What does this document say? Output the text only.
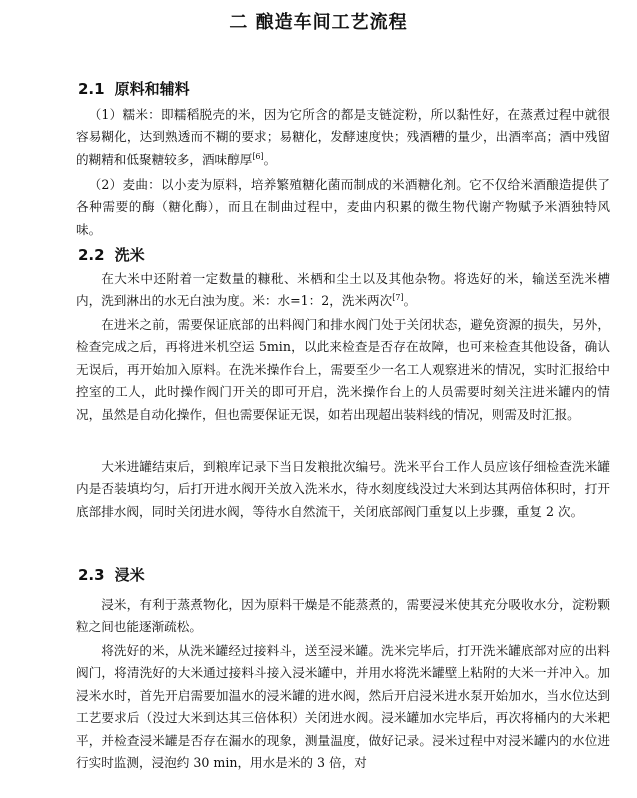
二 酿造车间工艺流程
2.1 原料和辅料

（1）糯米：即糯稻脱壳的米，因为它所含的都是支链淀粉，所以黏性好，在蒸煮过程中就很容易糊化，达到熟透而不糊的要求；易糖化，发酵速度快；残酒糟的量少，出酒率高；酒中残留的糊精和低聚糖较多，酒味醇厚[6]。

（2）麦曲：以小麦为原料，培养繁殖糖化菌而制成的米酒糖化剂。它不仅给米酒酿造提供了各种需要的酶（糖化酶），而且在制曲过程中，麦曲内积累的微生物代谢产物赋予米酒独特风味。

2.2 洗米

在大米中还附着一定数量的糠秕、米栖和尘土以及其他杂物。将选好的米，输送至洗米槽内，洗到淋出的水无白浊为度。米：水=1：2，洗米两次[7]。

在进米之前，需要保证底部的出料阀门和排水阀门处于关闭状态，避免资源的损失，另外，检查完成之后，再将进米机空运 5min，以此来检查是否存在故障，也可来检查其他设备，确认无误后，再开始加入原料。在洗米操作台上，需要至少一名工人观察进米的情况，实时汇报给中控室的工人，此时操作阀门开关的即可开启，洗米操作台上的人员需要时刻关注进米罐内的情况，虽然是自动化操作，但也需要保证无误，如若出现超出装料线的情况，则需及时汇报。

大米进罐结束后，到粮库记录下当日发粮批次编号。洗米平台工作人员应该仔细检查洗米罐内是否装填均匀，后打开进水阀开关放入洗米水，待水刻度线没过大米到达其两倍体积时，打开底部排水阀，同时关闭进水阀，等待水自然流干，关闭底部阀门重复以上步骤，重复 2 次。

2.3 浸米

浸米，有利于蒸煮物化，因为原料干燥是不能蒸煮的，需要浸米使其充分吸收水分，淀粉颗粒之间也能逐渐疏松。

将洗好的米，从洗米罐经过接料斗，送至浸米罐。洗米完毕后，打开洗米罐底部对应的出料阀门，将清洗好的大米通过接料斗接入浸米罐中，并用水将洗米罐壁上粘附的大米一并冲入。加浸米水时，首先开启需要加温水的浸米罐的进水阀，然后开启浸米进水泵开始加水，当水位达到工艺要求后（没过大米到达其三倍体积）关闭进水阀。浸米罐加水完毕后，再次将桶内的大米耙平，并检查浸米罐是否存在漏水的现象，测量温度，做好记录。浸米过程中对浸米罐内的水位进行实时监测，浸泡约 30 min，用水是米的 3 倍，对
